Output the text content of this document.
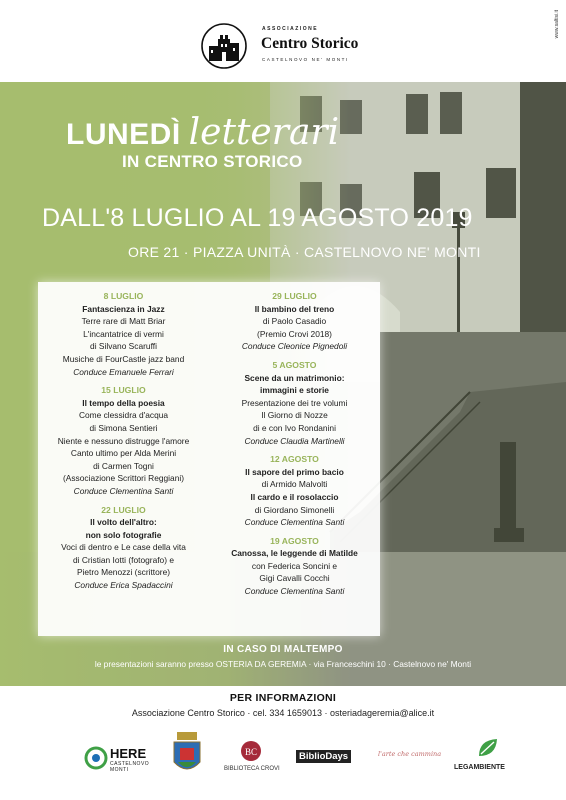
ASSOCIAZIONE
Centro Storico
CASTELNOVO NE' MONTI
www.saltisi.it
LUNEDÌ letterari
IN CENTRO STORICO
DALL'8 LUGLIO AL 19 AGOSTO 2019
ORE 21 · PIAZZA UNITÀ · CASTELNOVO NE' MONTI
8 LUGLIO
Fantascienza in Jazz
Terre rare di Matt Briar
L'incantatrice di vermi
di Silvano Scaruffi
Musiche di FourCastle jazz band
Conduce Emanuele Ferrari
15 LUGLIO
Il tempo della poesia
Come clessidra d'acqua
di Simona Sentieri
Niente e nessuno distrugge l'amore
Canto ultimo per Alda Merini
di Carmen Togni
(Associazione Scrittori Reggiani)
Conduce Clementina Santi
22 LUGLIO
Il volto dell'altro:
non solo fotografie
Voci di dentro e Le case della vita
di Cristian Iotti (fotografo) e
Pietro Menozzi (scrittore)
Conduce Erica Spadaccini
29 LUGLIO
Il bambino del treno
di Paolo Casadio
(Premio Crovi 2018)
Conduce Cleonice Pignedoli
5 AGOSTO
Scene da un matrimonio:
immagini e storie
Presentazione dei tre volumi
Il Giorno di Nozze
di e con Ivo Rondanini
Conduce Claudia Martinelli
12 AGOSTO
Il sapore del primo bacio
di Armido Malvolti
Il cardo e il rosolaccio
di Giordano Simonelli
Conduce Clementina Santi
19 AGOSTO
Canossa, le leggende di Matilde
con Federica Soncini e
Gigi Cavalli Cocchi
Conduce Clementina Santi
IN CASO DI MALTEMPO
le presentazioni saranno presso OSTERIA DA GEREMIA · via Franceschini 10 · Castelnovo ne' Monti
PER INFORMAZIONI
Associazione Centro Storico · cel. 334 1659013 · osteriadageremia@alice.it
HERE
CASTELNOVO MONTI
BC
BIBLIOTECA CROVI
BiblioDays	l'arte che cammina
LEGAMBIENTE
